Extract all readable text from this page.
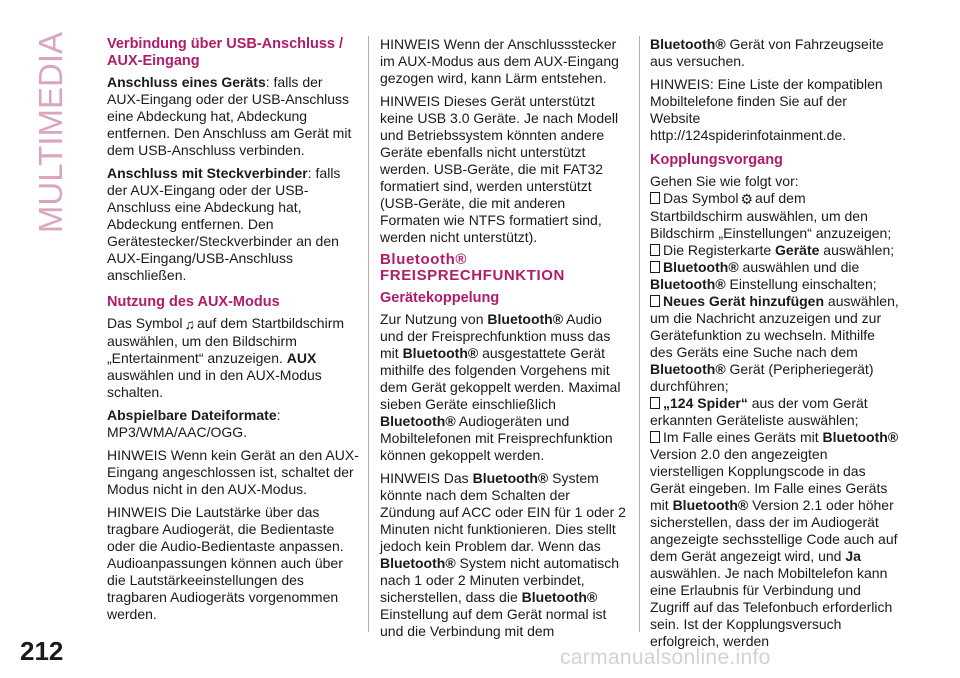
MULTIMEDIA	Verbindung über USB-Anschluss / AUX-Eingang

Anschluss eines Geräts: falls der AUX-Eingang oder der USB-Anschluss eine Abdeckung hat, Abdeckung entfernen. Den Anschluss am Gerät mit dem USB-Anschluss verbinden.

Anschluss mit Steckverbinder: falls der AUX-Eingang oder der USB-Anschluss eine Abdeckung hat, Abdeckung entfernen. Den Gerätestecker/Steckverbinder an den AUX-Eingang/USB-Anschluss anschließen.

Nutzung des AUX-Modus

Das Symbol ♫ auf dem Startbildschirm auswählen, um den Bildschirm „Entertainment“ anzuzeigen. AUX auswählen und in den AUX-Modus schalten.

Abspielbare Dateiformate: MP3/WMA/AAC/OGG.

HINWEIS Wenn kein Gerät an den AUX-Eingang angeschlossen ist, schaltet der Modus nicht in den AUX-Modus.

HINWEIS Die Lautstärke über das tragbare Audiogerät, die Bedientaste oder die Audio-Bedientaste anpassen. Audioanpassungen können auch über die Lautstärkeeinstellungen des tragbaren Audiogeräts vorgenommen werden.

HINWEIS Wenn der Anschlussstecker im AUX-Modus aus dem AUX-Eingang gezogen wird, kann Lärm entstehen.

HINWEIS Dieses Gerät unterstützt keine USB 3.0 Geräte. Je nach Modell und Betriebssystem könnten andere Geräte ebenfalls nicht unterstützt werden. USB-Geräte, die mit FAT32 formatiert sind, werden unterstützt (USB-Geräte, die mit anderen Formaten wie NTFS formatiert sind, werden nicht unterstützt).

Bluetooth® FREISPRECHFUNKTION
Gerätekoppelung

Zur Nutzung von Bluetooth® Audio und der Freisprechfunktion muss das mit Bluetooth® ausgestattete Gerät mithilfe des folgenden Vorgehens mit dem Gerät gekoppelt werden. Maximal sieben Geräte einschließlich Bluetooth® Audiogeräten und Mobiltelefonen mit Freisprechfunktion können gekoppelt werden.

HINWEIS Das Bluetooth® System könnte nach dem Schalten der Zündung auf ACC oder EIN für 1 oder 2 Minuten nicht funktionieren. Dies stellt jedoch kein Problem dar. Wenn das Bluetooth® System nicht automatisch nach 1 oder 2 Minuten verbindet, sicherstellen, dass die Bluetooth® Einstellung auf dem Gerät normal ist und die Verbindung mit dem

Bluetooth® Gerät von Fahrzeugseite aus versuchen.

HINWEIS: Eine Liste der kompatiblen Mobiltelefone finden Sie auf der Website http://124spiderinfotainment.de.

Kopplungsvorgang

Gehen Sie wie folgt vor:

Das Symbol ⚙ auf dem Startbildschirm auswählen, um den Bildschirm „Einstellungen“ anzuzeigen;

Die Registerkarte Geräte auswählen;

Bluetooth® auswählen und die Bluetooth® Einstellung einschalten;

Neues Gerät hinzufügen auswählen, um die Nachricht anzuzeigen und zur Gerätefunktion zu wechseln. Mithilfe des Geräts eine Suche nach dem Bluetooth® Gerät (Peripheriegerät) durchführen;

„124 Spider“ aus der vom Gerät erkannten Geräteliste auswählen;

Im Falle eines Geräts mit Bluetooth® Version 2.0 den angezeigten vierstelligen Kopplungscode in das Gerät eingeben. Im Falle eines Geräts mit Bluetooth® Version 2.1 oder höher sicherstellen, dass der im Audiogerät angezeigte sechsstellige Code auch auf dem Gerät angezeigt wird, und Ja auswählen. Je nach Mobiltelefon kann eine Erlaubnis für Verbindung und Zugriff auf das Telefonbuch erforderlich sein. Ist der Kopplungsversuch erfolgreich, werden

212	carmanualsonline.info
